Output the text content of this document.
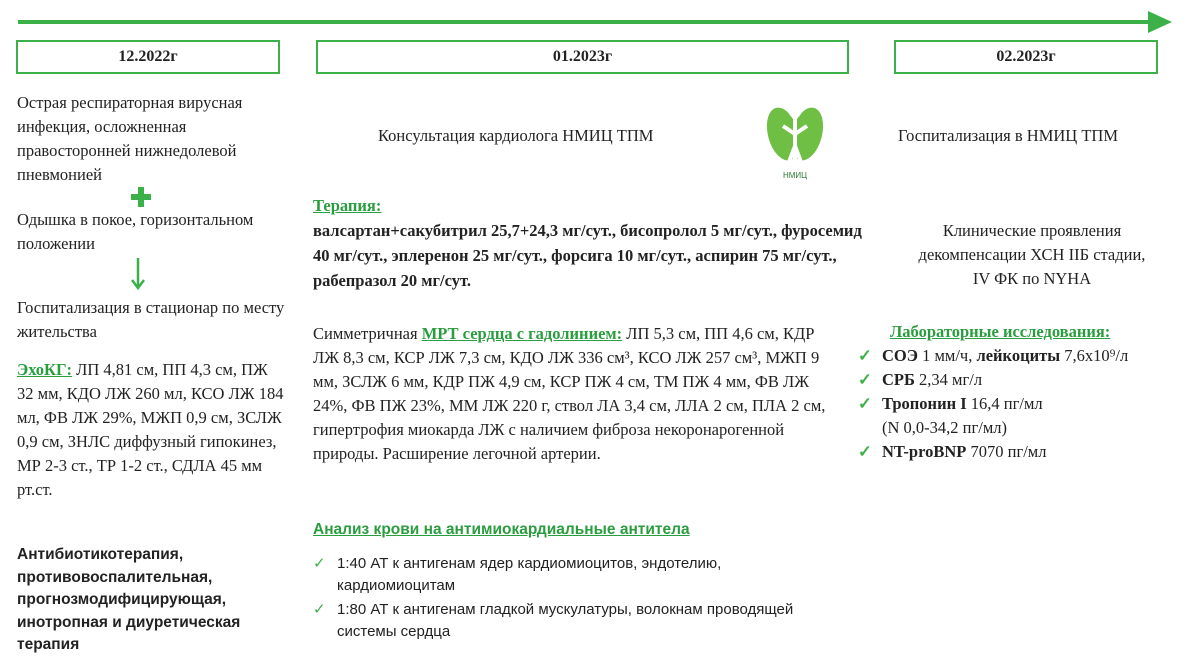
12.2022г	01.2023г	02.2023г
Острая респираторная вирусная инфекция, осложненная правосторонней нижнедолевой пневмонией
Одышка в покое, горизонтальном положении
Госпитализация в стационар по месту жительства
ЭхоКГ: ЛП 4,81 см, ПП 4,3 см, ПЖ 32 мм, КДО ЛЖ 260 мл, КСО ЛЖ 184 мл, ФВ ЛЖ 29%, МЖП 0,9 см, ЗСЛЖ 0,9 см, ЗНЛС диффузный гипокинез, МР 2-3 ст., ТР 1-2 ст., СДЛА 45 мм рт.ст.
Антибиотикотерапия, противовоспалительная, прогнозмодифицирующая, инотропная и диуретическая терапия
Консультация кардиолога НМИЦ ТПМ
НМИЦ
Терапия:
валсартан+сакубитрил 25,7+24,3 мг/сут., бисопролол 5 мг/сут., фуросемид 40 мг/сут., эплеренон 25 мг/сут., форсига 10 мг/сут., аспирин 75 мг/сут., рабепразол 20 мг/сут.
Симметричная МРТ сердца с гадолинием: ЛП 5,3 см, ПП 4,6 см, КДР ЛЖ 8,3 см, КСР ЛЖ 7,3 см, КДО ЛЖ 336 см³, КСО ЛЖ 257 см³, МЖП 9 мм, ЗСЛЖ 6 мм, КДР ПЖ 4,9 см, КСР ПЖ 4 см, ТМ ПЖ 4 мм, ФВ ЛЖ 24%, ФВ ПЖ 23%, ММ ЛЖ 220 г, ствол ЛА 3,4 см, ЛЛА 2 см, ПЛА 2 см, гипертрофия миокарда ЛЖ с наличием фиброза некоронарогенной природы. Расширение легочной артерии.
Анализ крови на антимиокардиальные антитела
✓ 1:40 АТ к антигенам ядер кардиомиоцитов, эндотелию, кардиомиоцитам
✓ 1:80 АТ к антигенам гладкой мускулатуры, волокнам проводящей системы сердца
Госпитализация в НМИЦ ТПМ
Клинические проявления декомпенсации ХСН IIБ стадии, IV ФК по NYHA
Лабораторные исследования:
✓ СОЭ 1 мм/ч, лейкоциты 7,6х10⁹/л
✓ СРБ 2,34 мг/л
✓ Тропонин I 16,4 пг/мл
(N 0,0-34,2 пг/мл)
✓ NT-proBNP 7070 пг/мл
